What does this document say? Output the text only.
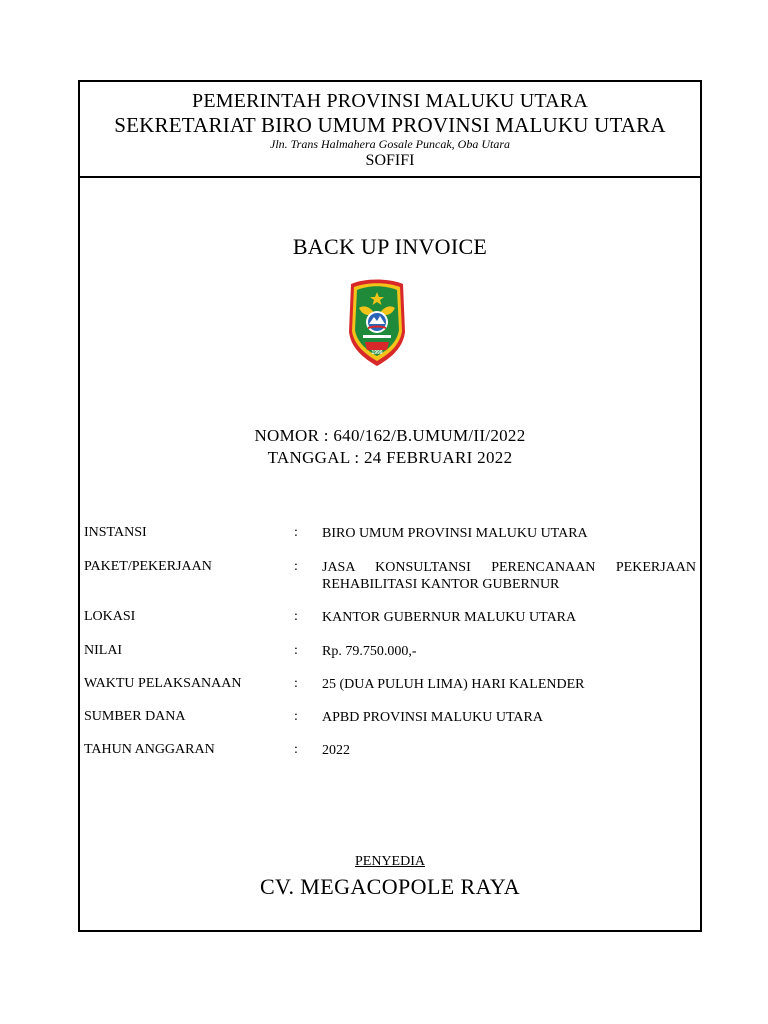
PEMERINTAH PROVINSI MALUKU UTARA
SEKRETARIAT BIRO UMUM PROVINSI MALUKU UTARA
Jln. Trans Halmahera Gosale Puncak, Oba Utara
SOFIFI
BACK UP INVOICE
1999
NOMOR : 640/162/B.UMUM/II/2022
TANGGAL : 24 FEBRUARI 2022
INSTANSI	: BIRO UMUM PROVINSI MALUKU UTARA
PAKET/PEKERJAAN	: JASA KONSULTANSI PERENCANAAN PEKERJAAN REHABILITASI KANTOR GUBERNUR
LOKASI	: KANTOR GUBERNUR MALUKU UTARA
NILAI	: Rp. 79.750.000,-
WAKTU PELAKSANAAN	: 25 (DUA PULUH LIMA) HARI KALENDER
SUMBER DANA	: APBD PROVINSI MALUKU UTARA
TAHUN ANGGARAN	: 2022
PENYEDIA
CV. MEGACOPOLE RAYA
